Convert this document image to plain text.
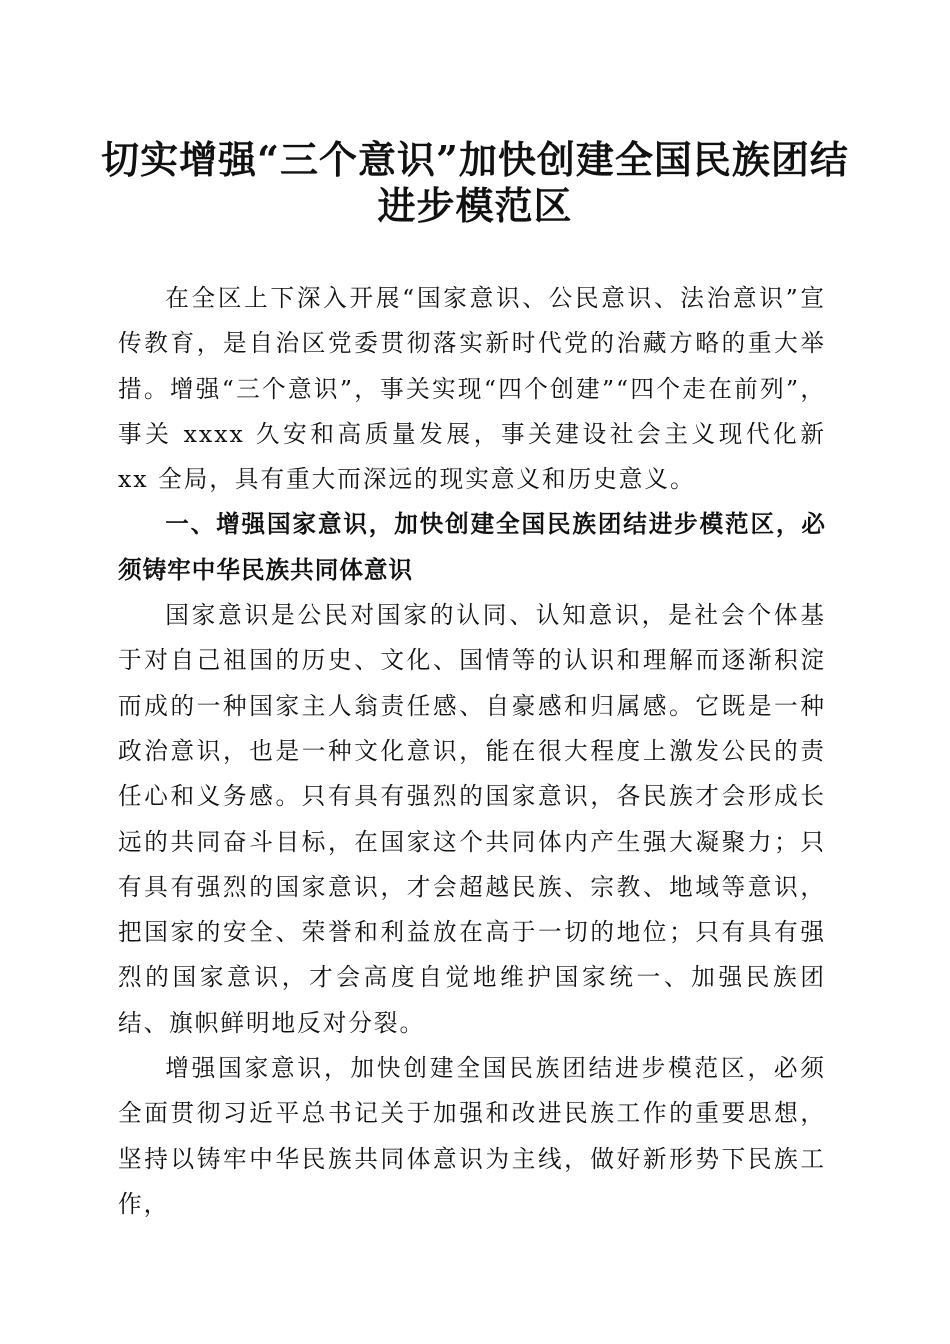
切实增强“三个意识”加快创建全国民族团结
进步模范区

在全区上下深入开展“国家意识、公民意识、法治意识”宣传教育，是自治区党委贯彻落实新时代党的治藏方略的重大举措。增强“三个意识”，事关实现“四个创建”“四个走在前列”，事关 xxxx 久安和高质量发展，事关建设社会主义现代化新 xx 全局，具有重大而深远的现实意义和历史意义。

一、增强国家意识，加快创建全国民族团结进步模范区，必须铸牢中华民族共同体意识

国家意识是公民对国家的认同、认知意识，是社会个体基于对自己祖国的历史、文化、国情等的认识和理解而逐渐积淀而成的一种国家主人翁责任感、自豪感和归属感。它既是一种政治意识，也是一种文化意识，能在很大程度上激发公民的责任心和义务感。只有具有强烈的国家意识，各民族才会形成长远的共同奋斗目标，在国家这个共同体内产生强大凝聚力；只有具有强烈的国家意识，才会超越民族、宗教、地域等意识，把国家的安全、荣誉和利益放在高于一切的地位；只有具有强烈的国家意识，才会高度自觉地维护国家统一、加强民族团结、旗帜鲜明地反对分裂。

增强国家意识，加快创建全国民族团结进步模范区，必须全面贯彻习近平总书记关于加强和改进民族工作的重要思想，坚持以铸牢中华民族共同体意识为主线，做好新形势下民族工作，
